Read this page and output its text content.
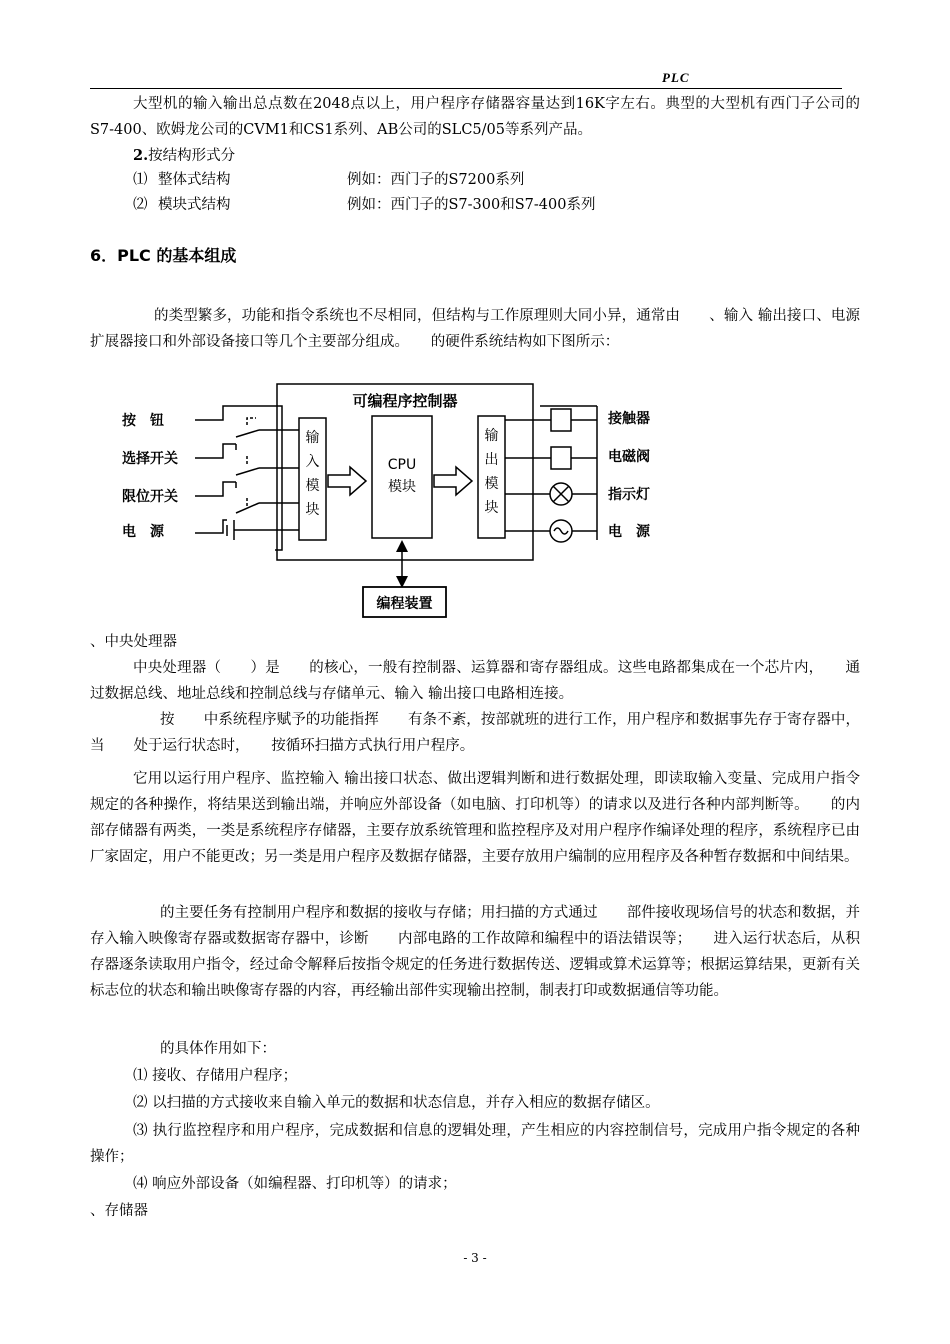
PLC

大型机的输入输出总点数在2048点以上，用户程序存储器容量达到16K字左右。典型的大型机有西门子公司的S7-400、欧姆龙公司的CVM1和CS1系列、AB公司的SLC5/05等系列产品。

2.按结构形式分
⑴ 整体式结构	例如：西门子的S7200系列
⑵ 模块式结构	例如：西门子的S7-300和S7-400系列
6．PLC 的基本组成

的类型繁多，功能和指令系统也不尽相同，但结构与工作原理则大同小异，通常由　　、输入 输出接口、电源扩展器接口和外部设备接口等几个主要部分组成。　　的硬件系统结构如下图所示：

可编程序控制器
按　钮
选择开关
限位开关
电　源
输
入
模
块
CPU
模块
输
出
模
块
接触器
电磁阀
指示灯
电　源
编程装置
、中央处理器

中央处理器（　　）是　　的核心，一般有控制器、运算器和寄存器组成。这些电路都集成在一个芯片内，　　通过数据总线、地址总线和控制总线与存储单元、输入 输出接口电路相连接。

按　　中系统程序赋予的功能指挥　　有条不紊，按部就班的进行工作，用户程序和数据事先存于寄存器中，当　　处于运行状态时，　　按循环扫描方式执行用户程序。

它用以运行用户程序、监控输入 输出接口状态、做出逻辑判断和进行数据处理，即读取输入变量、完成用户指令规定的各种操作，将结果送到输出端，并响应外部设备（如电脑、打印机等）的请求以及进行各种内部判断等。　　的内部存储器有两类，一类是系统程序存储器，主要存放系统管理和监控程序及对用户程序作编译处理的程序，系统程序已由厂家固定，用户不能更改；另一类是用户程序及数据存储器，主要存放用户编制的应用程序及各种暂存数据和中间结果。

的主要任务有控制用户程序和数据的接收与存储；用扫描的方式通过　　部件接收现场信号的状态和数据，并存入输入映像寄存器或数据寄存器中，诊断　　内部电路的工作故障和编程中的语法错误等；　　进入运行状态后，从积存器逐条读取用户指令，经过命令解释后按指令规定的任务进行数据传送、逻辑或算术运算等；根据运算结果，更新有关标志位的状态和输出映像寄存器的内容，再经输出部件实现输出控制，制表打印或数据通信等功能。

的具体作用如下：

⑴ 接收、存储用户程序；
⑵ 以扫描的方式接收来自输入单元的数据和状态信息，并存入相应的数据存储区。

⑶ 执行监控程序和用户程序，完成数据和信息的逻辑处理，产生相应的内容控制信号，完成用户指令规定的各种操作；

⑷ 响应外部设备（如编程器、打印机等）的请求；
、存储器
- 3 -
